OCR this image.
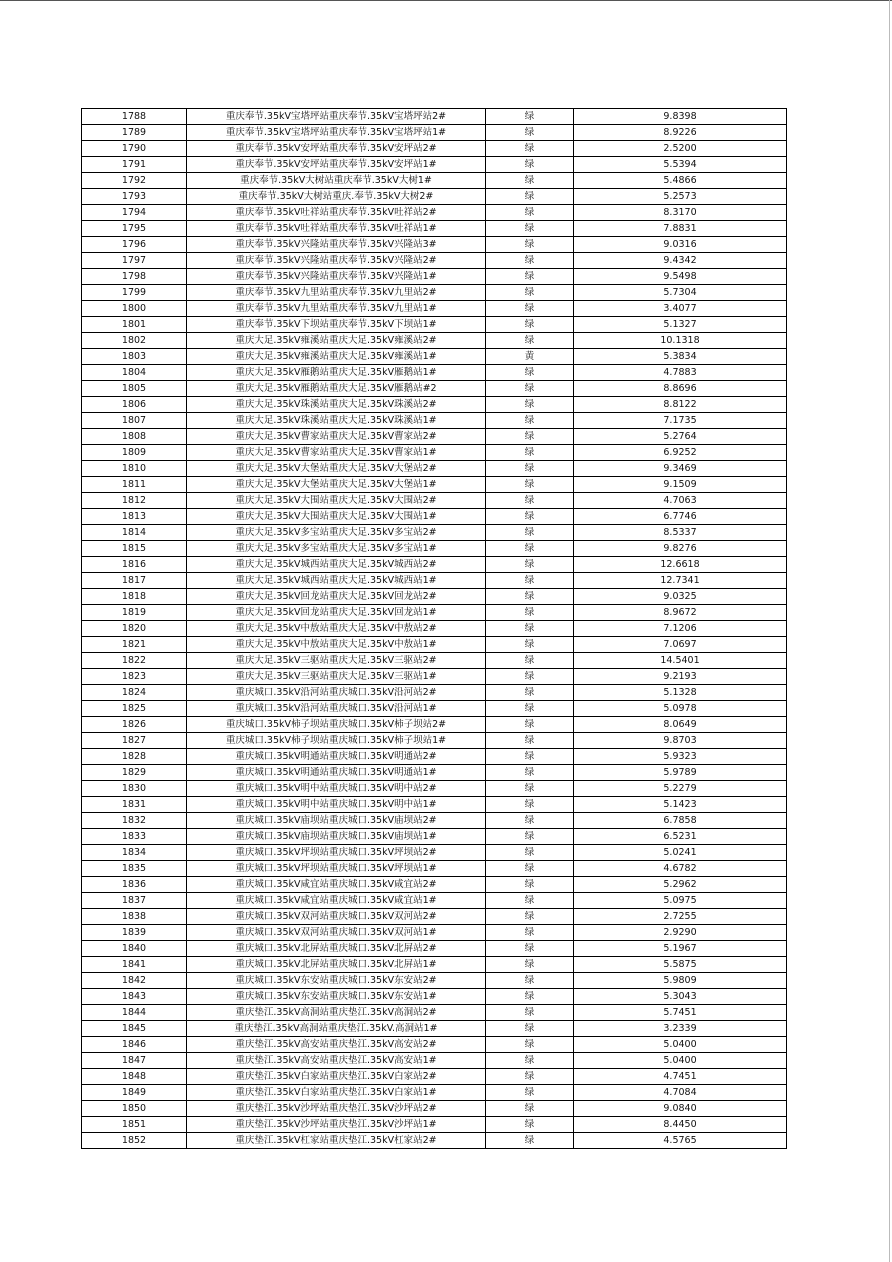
1788	重庆奉节.35kV宝塔坪站重庆奉节.35kV宝塔坪站2#	绿	9.8398
1789	重庆奉节.35kV宝塔坪站重庆奉节.35kV宝塔坪站1#	绿	8.9226
1790	重庆奉节.35kV安坪站重庆奉节.35kV安坪站2#	绿	2.5200
1791	重庆奉节.35kV安坪站重庆奉节.35kV安坪站1#	绿	5.5394
1792	重庆奉节.35kV大树站重庆奉节.35kV大树1#	绿	5.4866
1793	重庆奉节.35kV大树站重庆.奉节.35kV大树2#	绿	5.2573
1794	重庆奉节.35kV吐祥站重庆奉节.35kV吐祥站2#	绿	8.3170
1795	重庆奉节.35kV吐祥站重庆奉节.35kV吐祥站1#	绿	7.8831
1796	重庆奉节.35kV兴隆站重庆奉节.35kV兴隆站3#	绿	9.0316
1797	重庆奉节.35kV兴隆站重庆奉节.35kV兴隆站2#	绿	9.4342
1798	重庆奉节.35kV兴隆站重庆奉节.35kV兴隆站1#	绿	9.5498
1799	重庆奉节.35kV九里站重庆奉节.35kV九里站2#	绿	5.7304
1800	重庆奉节.35kV九里站重庆奉节.35kV九里站1#	绿	3.4077
1801	重庆奉节.35kV下坝站重庆奉节.35kV下坝站1#	绿	5.1327
1802	重庆大足.35kV雍溪站重庆大足.35kV雍溪站2#	绿	10.1318
1803	重庆大足.35kV雍溪站重庆大足.35kV雍溪站1#	黄	5.3834
1804	重庆大足.35kV雁鹅站重庆大足.35kV雁鹅站1#	绿	4.7883
1805	重庆大足.35kV雁鹅站重庆大足.35kV雁鹅站#2	绿	8.8696
1806	重庆大足.35kV珠溪站重庆大足.35kV珠溪站2#	绿	8.8122
1807	重庆大足.35kV珠溪站重庆大足.35kV珠溪站1#	绿	7.1735
1808	重庆大足.35kV曹家站重庆大足.35kV曹家站2#	绿	5.2764
1809	重庆大足.35kV曹家站重庆大足.35kV曹家站1#	绿	6.9252
1810	重庆大足.35kV大堡站重庆大足.35kV大堡站2#	绿	9.3469
1811	重庆大足.35kV大堡站重庆大足.35kV大堡站1#	绿	9.1509
1812	重庆大足.35kV大围站重庆大足.35kV大围站2#	绿	4.7063
1813	重庆大足.35kV大围站重庆大足.35kV大围站1#	绿	6.7746
1814	重庆大足.35kV多宝站重庆大足.35kV多宝站2#	绿	8.5337
1815	重庆大足.35kV多宝站重庆大足.35kV多宝站1#	绿	9.8276
1816	重庆大足.35kV城西站重庆大足.35kV城西站2#	绿	12.6618
1817	重庆大足.35kV城西站重庆大足.35kV城西站1#	绿	12.7341
1818	重庆大足.35kV回龙站重庆大足.35kV回龙站2#	绿	9.0325
1819	重庆大足.35kV回龙站重庆大足.35kV回龙站1#	绿	8.9672
1820	重庆大足.35kV中敖站重庆大足.35kV中敖站2#	绿	7.1206
1821	重庆大足.35kV中敖站重庆大足.35kV中敖站1#	绿	7.0697
1822	重庆大足.35kV三驱站重庆大足.35kV三驱站2#	绿	14.5401
1823	重庆大足.35kV三驱站重庆大足.35kV三驱站1#	绿	9.2193
1824	重庆城口.35kV沿河站重庆城口.35kV沿河站2#	绿	5.1328
1825	重庆城口.35kV沿河站重庆城口.35kV沿河站1#	绿	5.0978
1826	重庆城口.35kV柿子坝站重庆城口.35kV柿子坝站2#	绿	8.0649
1827	重庆城口.35kV柿子坝站重庆城口.35kV柿子坝站1#	绿	9.8703
1828	重庆城口.35kV明通站重庆城口.35kV明通站2#	绿	5.9323
1829	重庆城口.35kV明通站重庆城口.35kV明通站1#	绿	5.9789
1830	重庆城口.35kV明中站重庆城口.35kV明中站2#	绿	5.2279
1831	重庆城口.35kV明中站重庆城口.35kV明中站1#	绿	5.1423
1832	重庆城口.35kV庙坝站重庆城口.35kV庙坝站2#	绿	6.7858
1833	重庆城口.35kV庙坝站重庆城口.35kV庙坝站1#	绿	6.5231
1834	重庆城口.35kV坪坝站重庆城口.35kV坪坝站2#	绿	5.0241
1835	重庆城口.35kV坪坝站重庆城口.35kV坪坝站1#	绿	4.6782
1836	重庆城口.35kV咸宜站重庆城口.35kV咸宜站2#	绿	5.2962
1837	重庆城口.35kV咸宜站重庆城口.35kV咸宜站1#	绿	5.0975
1838	重庆城口.35kV双河站重庆城口.35kV双河站2#	绿	2.7255
1839	重庆城口.35kV双河站重庆城口.35kV双河站1#	绿	2.9290
1840	重庆城口.35kV北屏站重庆城口.35kV北屏站2#	绿	5.1967
1841	重庆城口.35kV北屏站重庆城口.35kV北屏站1#	绿	5.5875
1842	重庆城口.35kV东安站重庆城口.35kV东安站2#	绿	5.9809
1843	重庆城口.35kV东安站重庆城口.35kV东安站1#	绿	5.3043
1844	重庆垫江.35kV高洞站重庆垫江.35kV高洞站2#	绿	5.7451
1845	重庆垫江.35kV高洞站重庆垫江.35kV.高洞站1#	绿	3.2339
1846	重庆垫江.35kV高安站重庆垫江.35kV高安站2#	绿	5.0400
1847	重庆垫江.35kV高安站重庆垫江.35kV高安站1#	绿	5.0400
1848	重庆垫江.35kV白家站重庆垫江.35kV白家站2#	绿	4.7451
1849	重庆垫江.35kV白家站重庆垫江.35kV白家站1#	绿	4.7084
1850	重庆垫江.35kV沙坪站重庆垫江.35kV沙坪站2#	绿	9.0840
1851	重庆垫江.35kV沙坪站重庆垫江.35kV沙坪站1#	绿	8.4450
1852	重庆垫江.35kV杠家站重庆垫江.35kV杠家站2#	绿	4.5765
